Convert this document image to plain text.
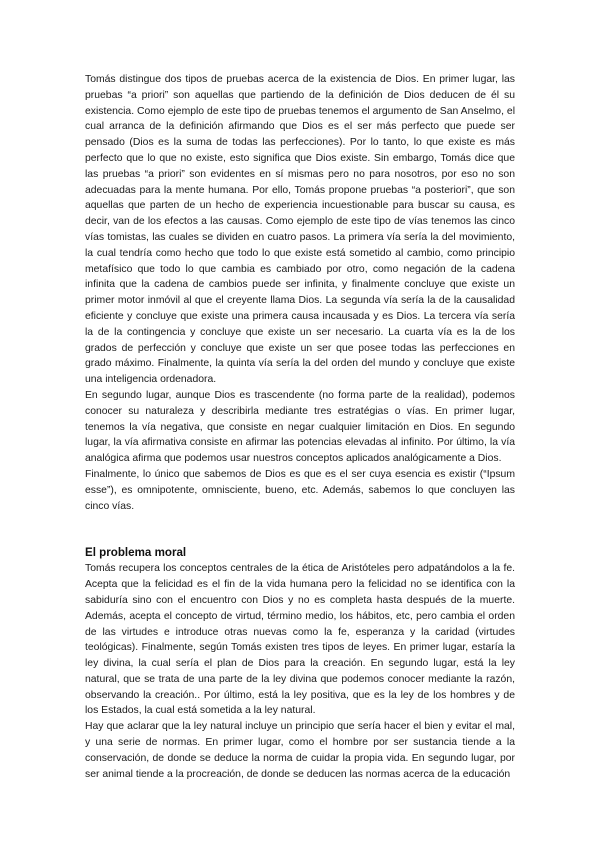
Tomás distingue dos tipos de pruebas acerca de la existencia de Dios. En primer lugar, las pruebas “a priori” son aquellas que partiendo de la definición de Dios deducen de él su existencia. Como ejemplo de este tipo de pruebas tenemos el argumento de San Anselmo, el cual arranca de la definición afirmando que Dios es el ser más perfecto que puede ser pensado (Dios es la suma de todas las perfecciones). Por lo tanto, lo que existe es más perfecto que lo que no existe, esto significa que Dios existe. Sin embargo, Tomás dice que las pruebas “a priori” son evidentes en sí mismas pero no para nosotros, por eso no son adecuadas para la mente humana. Por ello, Tomás propone pruebas “a posteriori”, que son aquellas que parten de un hecho de experiencia incuestionable para buscar su causa, es decir, van de los efectos a las causas. Como ejemplo de este tipo de vías tenemos las cinco vías tomistas, las cuales se dividen en cuatro pasos. La primera vía sería la del movimiento, la cual tendría como hecho que todo lo que existe está sometido al cambio, como principio metafísico que todo lo que cambia es cambiado por otro, como negación de la cadena infinita que la cadena de cambios puede ser infinita, y finalmente concluye que existe un primer motor inmóvil al que el creyente llama Dios. La segunda vía sería la de la causalidad eficiente y concluye que existe una primera causa incausada y es Dios. La tercera vía sería la de la contingencia y concluye que existe un ser necesario. La cuarta vía es la de los grados de perfección y concluye que existe un ser que posee todas las perfecciones en grado máximo. Finalmente, la quinta vía sería la del orden del mundo y concluye que existe una inteligencia ordenadora.

En segundo lugar, aunque Dios es trascendente (no forma parte de la realidad), podemos conocer su naturaleza y describirla mediante tres estratégias o vías. En primer lugar, tenemos la vía negativa, que consiste en negar cualquier limitación en Dios. En segundo lugar, la vía afirmativa consiste en afirmar las potencias elevadas al infinito. Por último, la vía analógica afirma que podemos usar nuestros conceptos aplicados analógicamente a Dios.

Finalmente, lo único que sabemos de Dios es que es el ser cuya esencia es existir (“Ipsum esse”), es omnipotente, omnisciente, bueno, etc. Además, sabemos lo que concluyen las cinco vías.

El problema moral

Tomás recupera los conceptos centrales de la ética de Aristóteles pero adpatándolos a la fe. Acepta que la felicidad es el fin de la vida humana pero la felicidad no se identifica con la sabiduría sino con el encuentro con Dios y no es completa hasta después de la muerte. Además, acepta el concepto de virtud, término medio, los hábitos, etc, pero cambia el orden de las virtudes e introduce otras nuevas como la fe, esperanza y la caridad (virtudes teológicas). Finalmente, según Tomás existen tres tipos de leyes. En primer lugar, estaría la ley divina, la cual sería el plan de Dios para la creación. En segundo lugar, está la ley natural, que se trata de una parte de la ley divina que podemos conocer mediante la razón, observando la creación.. Por último, está la ley positiva, que es la ley de los hombres y de los Estados, la cual está sometida a la ley natural.

Hay que aclarar que la ley natural incluye un principio que sería hacer el bien y evitar el mal, y una serie de normas. En primer lugar, como el hombre por ser sustancia tiende a la conservación, de donde se deduce la norma de cuidar la propia vida. En segundo lugar, por ser animal tiende a la procreación, de donde se deducen las normas acerca de la educación
